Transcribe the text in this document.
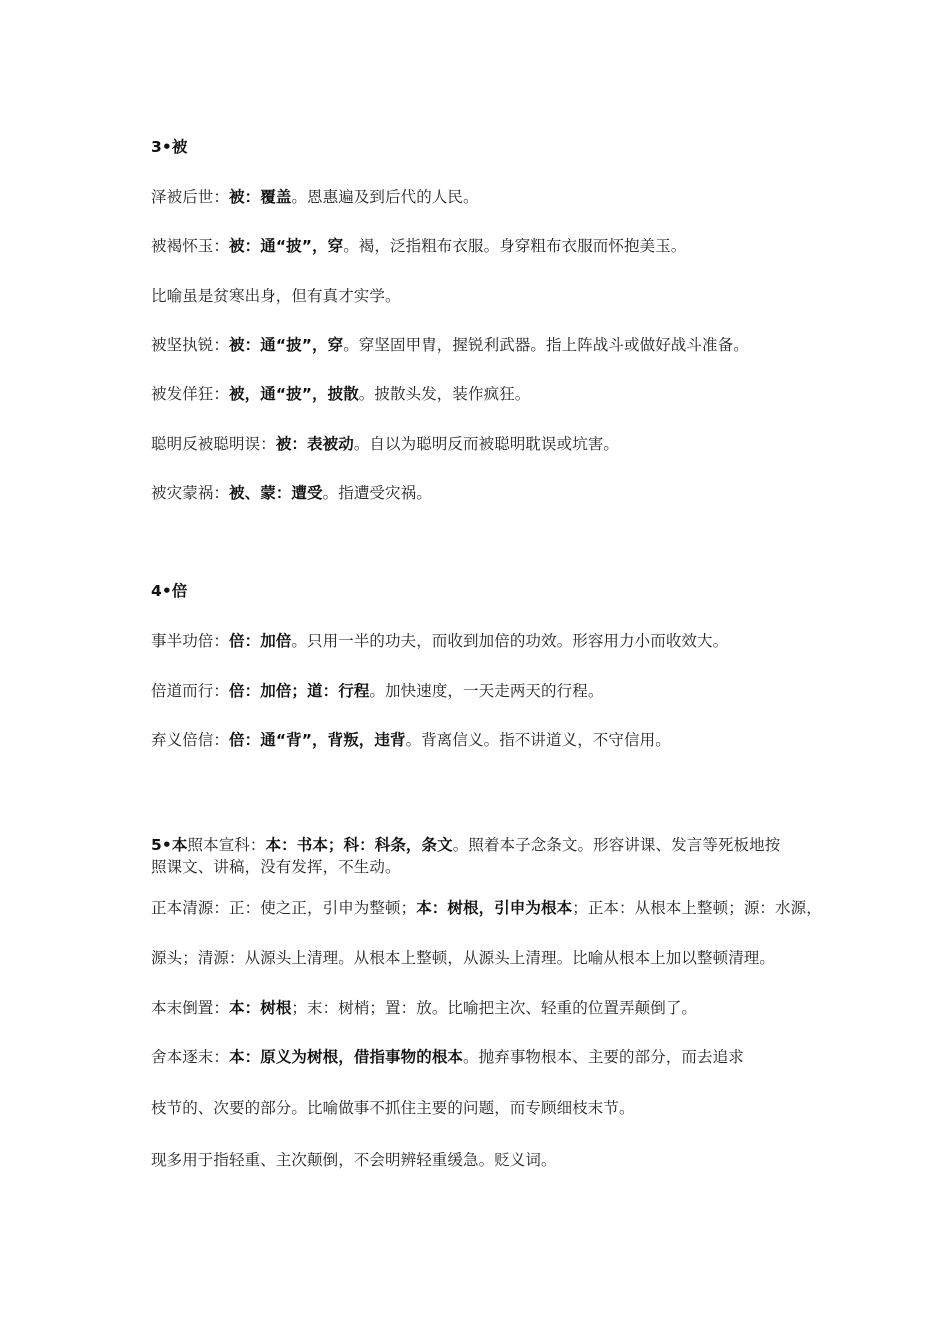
3•被

泽被后世：被：覆盖。恩惠遍及到后代的人民。

被褐怀玉：被：通“披”，穿。褐，泛指粗布衣服。身穿粗布衣服而怀抱美玉。

比喻虽是贫寒出身，但有真才实学。

被坚执锐：被：通“披”，穿。穿坚固甲胄，握锐利武器。指上阵战斗或做好战斗准备。

被发佯狂：被，通“披”，披散。披散头发，装作疯狂。

聪明反被聪明误：被：表被动。自以为聪明反而被聪明耽误或坑害。

被灾蒙祸：被、蒙：遭受。指遭受灾祸。

4•倍

事半功倍：倍：加倍。只用一半的功夫，而收到加倍的功效。形容用力小而收效大。

倍道而行：倍：加倍；道：行程。加快速度，一天走两天的行程。

弃义倍信：倍：通“背”，背叛，违背。背离信义。指不讲道义，不守信用。

5•本照本宣科：本：书本；科：科条，条文。照着本子念条文。形容讲课、发言等死板地按

照课文、讲稿，没有发挥，不生动。

正本清源：正：使之正，引申为整顿；本：树根，引申为根本；正本：从根本上整顿；源：水源，

源头；清源：从源头上清理。从根本上整顿，从源头上清理。比喻从根本上加以整顿清理。

本末倒置：本：树根；末：树梢；置：放。比喻把主次、轻重的位置弄颠倒了。

舍本逐末：本：原义为树根，借指事物的根本。抛弃事物根本、主要的部分，而去追求

枝节的、次要的部分。比喻做事不抓住主要的问题，而专顾细枝末节。

现多用于指轻重、主次颠倒，不会明辨轻重缓急。贬义词。
